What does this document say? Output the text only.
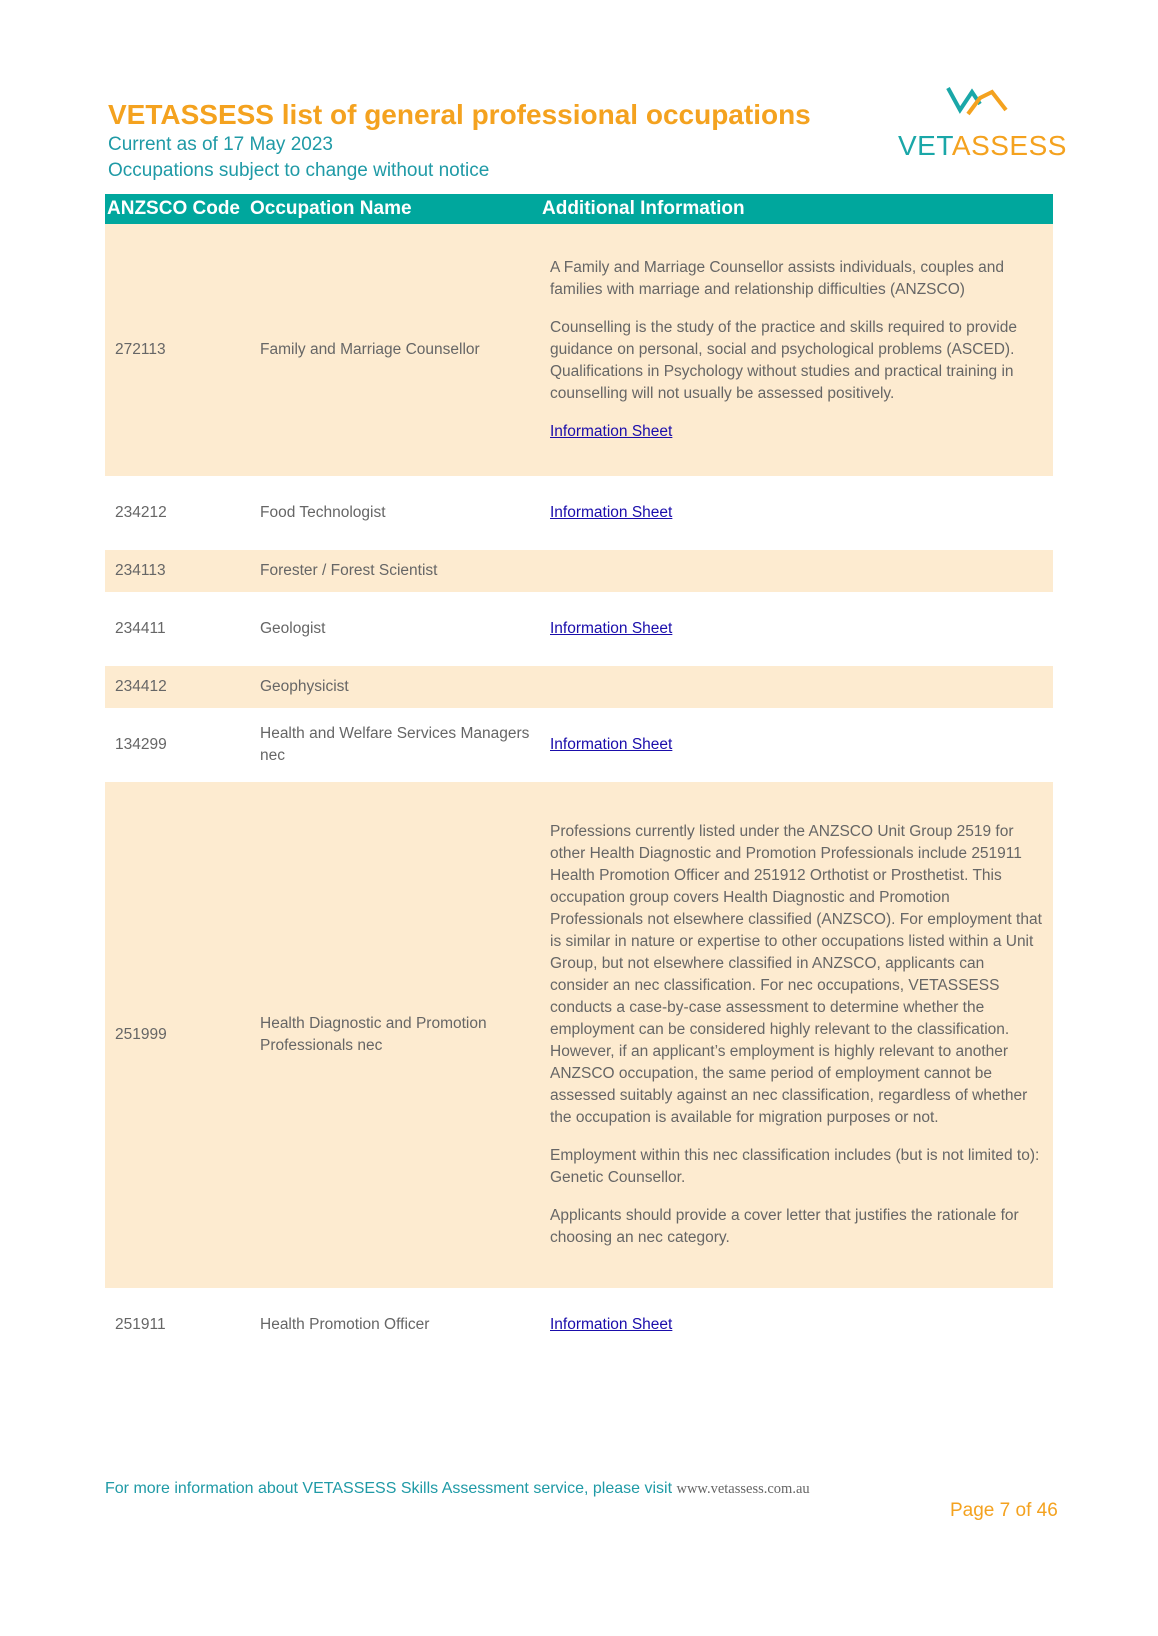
VETASSESS list of general professional occupations

Current as of 17 May 2023

Occupations subject to change without notice

VETASSESS
ANZSCO Code	Occupation Name	Additional Information
272113	Family and Marriage Counsellor	A Family and Marriage Counsellor assists individuals, couples and families with marriage and relationship difficulties (ANZSCO)

Counselling is the study of the practice and skills required to provide guidance on personal, social and psychological problems (ASCED). Qualifications in Psychology without studies and practical training in counselling will not usually be assessed positively.

Information Sheet

234212	Food Technologist	Information Sheet
234113	Forester / Forest Scientist	
234411	Geologist	Information Sheet
234412	Geophysicist	
134299	Health and Welfare Services Managers nec	Information Sheet
251999	Health Diagnostic and Promotion Professionals nec	Professions currently listed under the ANZSCO Unit Group 2519 for other Health Diagnostic and Promotion Professionals include 251911 Health Promotion Officer and 251912 Orthotist or Prosthetist. This occupation group covers Health Diagnostic and Promotion Professionals not elsewhere classified (ANZSCO). For employment that is similar in nature or expertise to other occupations listed within a Unit Group, but not elsewhere classified in ANZSCO, applicants can consider an nec classification. For nec occupations, VETASSESS conducts a case-by-case assessment to determine whether the employment can be considered highly relevant to the classification. However, if an applicant’s employment is highly relevant to another ANZSCO occupation, the same period of employment cannot be assessed suitably against an nec classification, regardless of whether the occupation is available for migration purposes or not.

Employment within this nec classification includes (but is not limited to): Genetic Counsellor.

Applicants should provide a cover letter that justifies the rationale for choosing an nec category.

251911	Health Promotion Officer	Information Sheet
For more information about VETASSESS Skills Assessment service, please visit www.vetassess.com.au
Page 7 of 46
